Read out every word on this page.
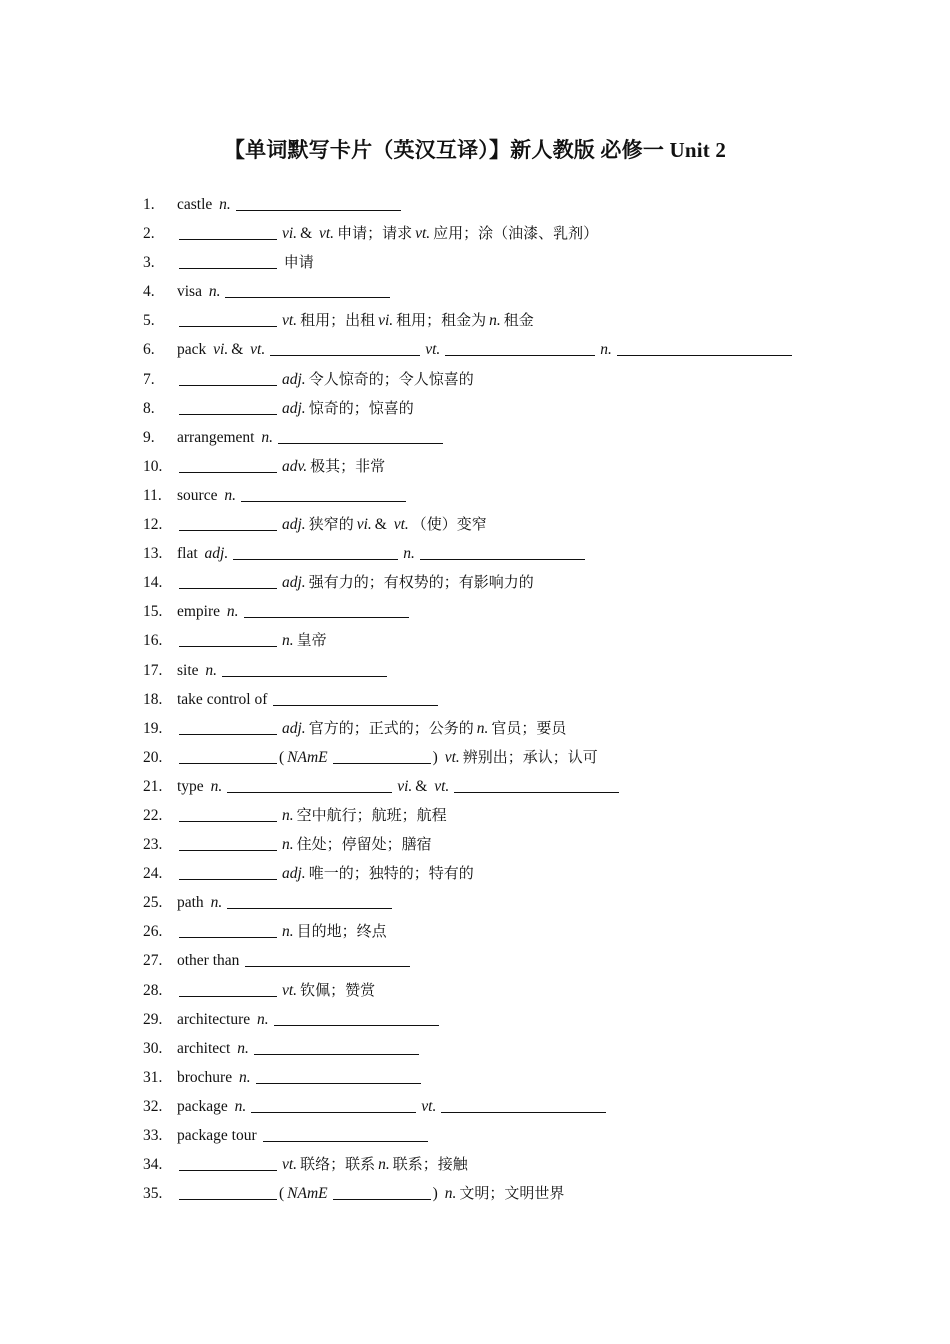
【单词默写卡片（英汉互译）】新人教版 必修一 Unit 2
1. castle n.
2.	vi. & vt. 申请；请求 vt. 应用；涂（油漆、乳剂）
3.	申请
4. visa n.
5.	vt. 租用；出租 vi. 租用；租金为 n. 租金
6. pack vi. & vt.	vt.	n.
7.	adj. 令人惊奇的；令人惊喜的
8.	adj. 惊奇的；惊喜的
9. arrangement n.
10.	adv. 极其；非常
11. source n.
12.	adj. 狭窄的 vi. & vt. （使）变窄
13. flat adj.	n.
14.	adj. 强有力的；有权势的；有影响力的
15. empire n.
16.	n. 皇帝
17. site n.
18. take control of
19.	adj. 官方的；正式的；公务的 n. 官员；要员
20.	( NAmE	) vt. 辨别出；承认；认可
21. type n.	vi. & vt.
22.	n. 空中航行；航班；航程
23.	n. 住处；停留处；膳宿
24.	adj. 唯一的；独特的；特有的
25. path n.
26.	n. 目的地；终点
27. other than
28.	vt. 钦佩；赞赏
29. architecture n.
30. architect n.
31. brochure n.
32. package n.	vt.
33. package tour
34.	vt. 联络；联系 n. 联系；接触
35.	( NAmE	) n. 文明；文明世界
